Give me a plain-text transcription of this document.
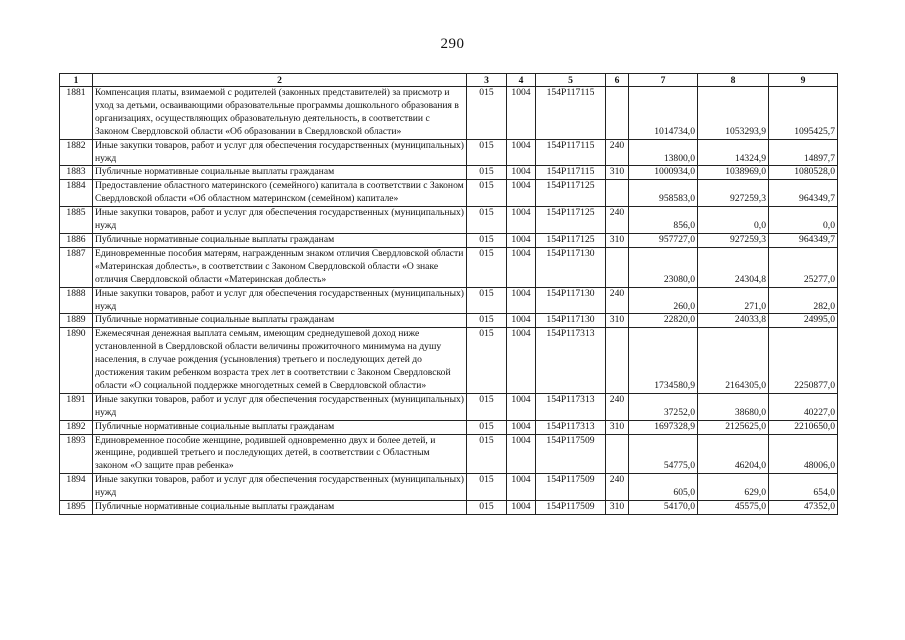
290
1	2	3	4	5	6	7	8	9
1881	Компенсация платы, взимаемой с родителей (законных представителей) за присмотр и уход за детьми, осваивающими образовательные программы дошкольного образования в организациях, осуществляющих образовательную деятельность, в соответствии с Законом Свердловской области «Об образовании в Свердловской области»	015	1004	154P117115		1014734,0	1053293,9	1095425,7
1882	Иные закупки товаров, работ и услуг для обеспечения государственных (муниципальных) нужд	015	1004	154P117115	240	13800,0	14324,9	14897,7
1883	Публичные нормативные социальные выплаты гражданам	015	1004	154P117115	310	1000934,0	1038969,0	1080528,0
1884	Предоставление областного материнского (семейного) капитала в соответствии с Законом Свердловской области «Об областном материнском (семейном) капитале»	015	1004	154P117125		958583,0	927259,3	964349,7
1885	Иные закупки товаров, работ и услуг для обеспечения государственных (муниципальных) нужд	015	1004	154P117125	240	856,0	0,0	0,0
1886	Публичные нормативные социальные выплаты гражданам	015	1004	154P117125	310	957727,0	927259,3	964349,7
1887	Единовременные пособия матерям, награжденным знаком отличия Свердловской области «Материнская доблесть», в соответствии с Законом Свердловской области «О знаке отличия Свердловской области «Материнская доблесть»	015	1004	154P117130		23080,0	24304,8	25277,0
1888	Иные закупки товаров, работ и услуг для обеспечения государственных (муниципальных) нужд	015	1004	154P117130	240	260,0	271,0	282,0
1889	Публичные нормативные социальные выплаты гражданам	015	1004	154P117130	310	22820,0	24033,8	24995,0
1890	Ежемесячная денежная выплата семьям, имеющим среднедушевой доход ниже установленной в Свердловской области величины прожиточного минимума на душу населения, в случае рождения (усыновления) третьего и последующих детей до достижения таким ребенком возраста трех лет в соответствии с Законом Свердловской области «О социальной поддержке многодетных семей в Свердловской области»	015	1004	154P117313		1734580,9	2164305,0	2250877,0
1891	Иные закупки товаров, работ и услуг для обеспечения государственных (муниципальных) нужд	015	1004	154P117313	240	37252,0	38680,0	40227,0
1892	Публичные нормативные социальные выплаты гражданам	015	1004	154P117313	310	1697328,9	2125625,0	2210650,0
1893	Единовременное пособие женщине, родившей одновременно двух и более детей, и женщине, родившей третьего и последующих детей, в соответствии с Областным законом «О защите прав ребенка»	015	1004	154P117509		54775,0	46204,0	48006,0
1894	Иные закупки товаров, работ и услуг для обеспечения государственных (муниципальных) нужд	015	1004	154P117509	240	605,0	629,0	654,0
1895	Публичные нормативные социальные выплаты гражданам	015	1004	154P117509	310	54170,0	45575,0	47352,0
